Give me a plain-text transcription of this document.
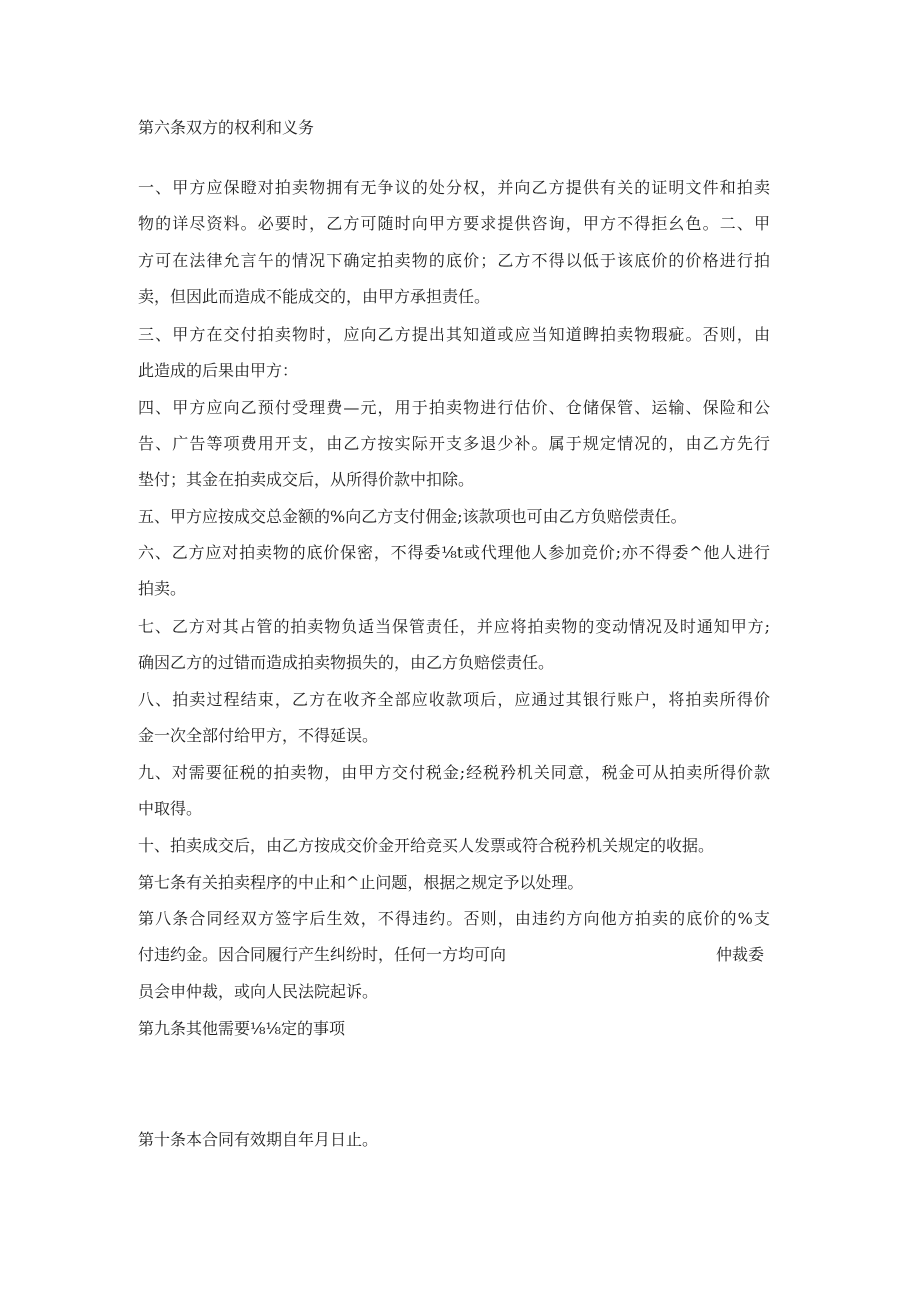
第六条双方的权利和义务

一、甲方应保瞪对拍卖物拥有无争议的处分权，并向乙方提供有关的证明文件和拍卖

物的详尽资料。必要时，乙方可随时向甲方要求提供咨询，甲方不得拒幺色。二、甲

方可在法律允言午的情况下确定拍卖物的底价；乙方不得以低于该底价的价格进行拍

卖，但因此而造成不能成交的，由甲方承担责任。

三、甲方在交付拍卖物时，应向乙方提出其知道或应当知道睥拍卖物瑕疵。否则，由

此造成的后果由甲方：

四、甲方应向乙预付受理费—元，用于拍卖物进行估价、仓储保管、运输、保险和公

告、广告等项费用开支，由乙方按实际开支多退少补。属于规定情况的，由乙方先行

垫付；其金在拍卖成交后，从所得价款中扣除。

五、甲方应按成交总金额的%向乙方支付佣金;该款项也可由乙方负赔偿责任。

六、乙方应对拍卖物的底价保密，不得委⅛t或代理他人参加竞价;亦不得委^他人进行

拍卖。

七、乙方对其占管的拍卖物负适当保管责任，并应将拍卖物的变动情况及时通知甲方;

确因乙方的过错而造成拍卖物损失的，由乙方负赔偿责任。

八、拍卖过程结束，乙方在收齐全部应收款项后，应通过其银行账户，将拍卖所得价

金一次全部付给甲方，不得延误。

九、对需要征税的拍卖物，由甲方交付税金;经税矜机关同意，税金可从拍卖所得价款

中取得。

十、拍卖成交后，由乙方按成交价金开给竞买人发票或符合税矜机关规定的收据。

第七条有关拍卖程序的中止和^止问题，根据之规定予以处理。

第八条合同经双方签字后生效，不得违约。否则，由违约方向他方拍卖的底价的%支

付违约金。因合同履行产生纠纷时，任何一方均可向	仲裁委

员会申仲裁，或向人民法院起诉。

第九条其他需要⅛⅛定的事项

第十条本合同有效期自年月日止。
